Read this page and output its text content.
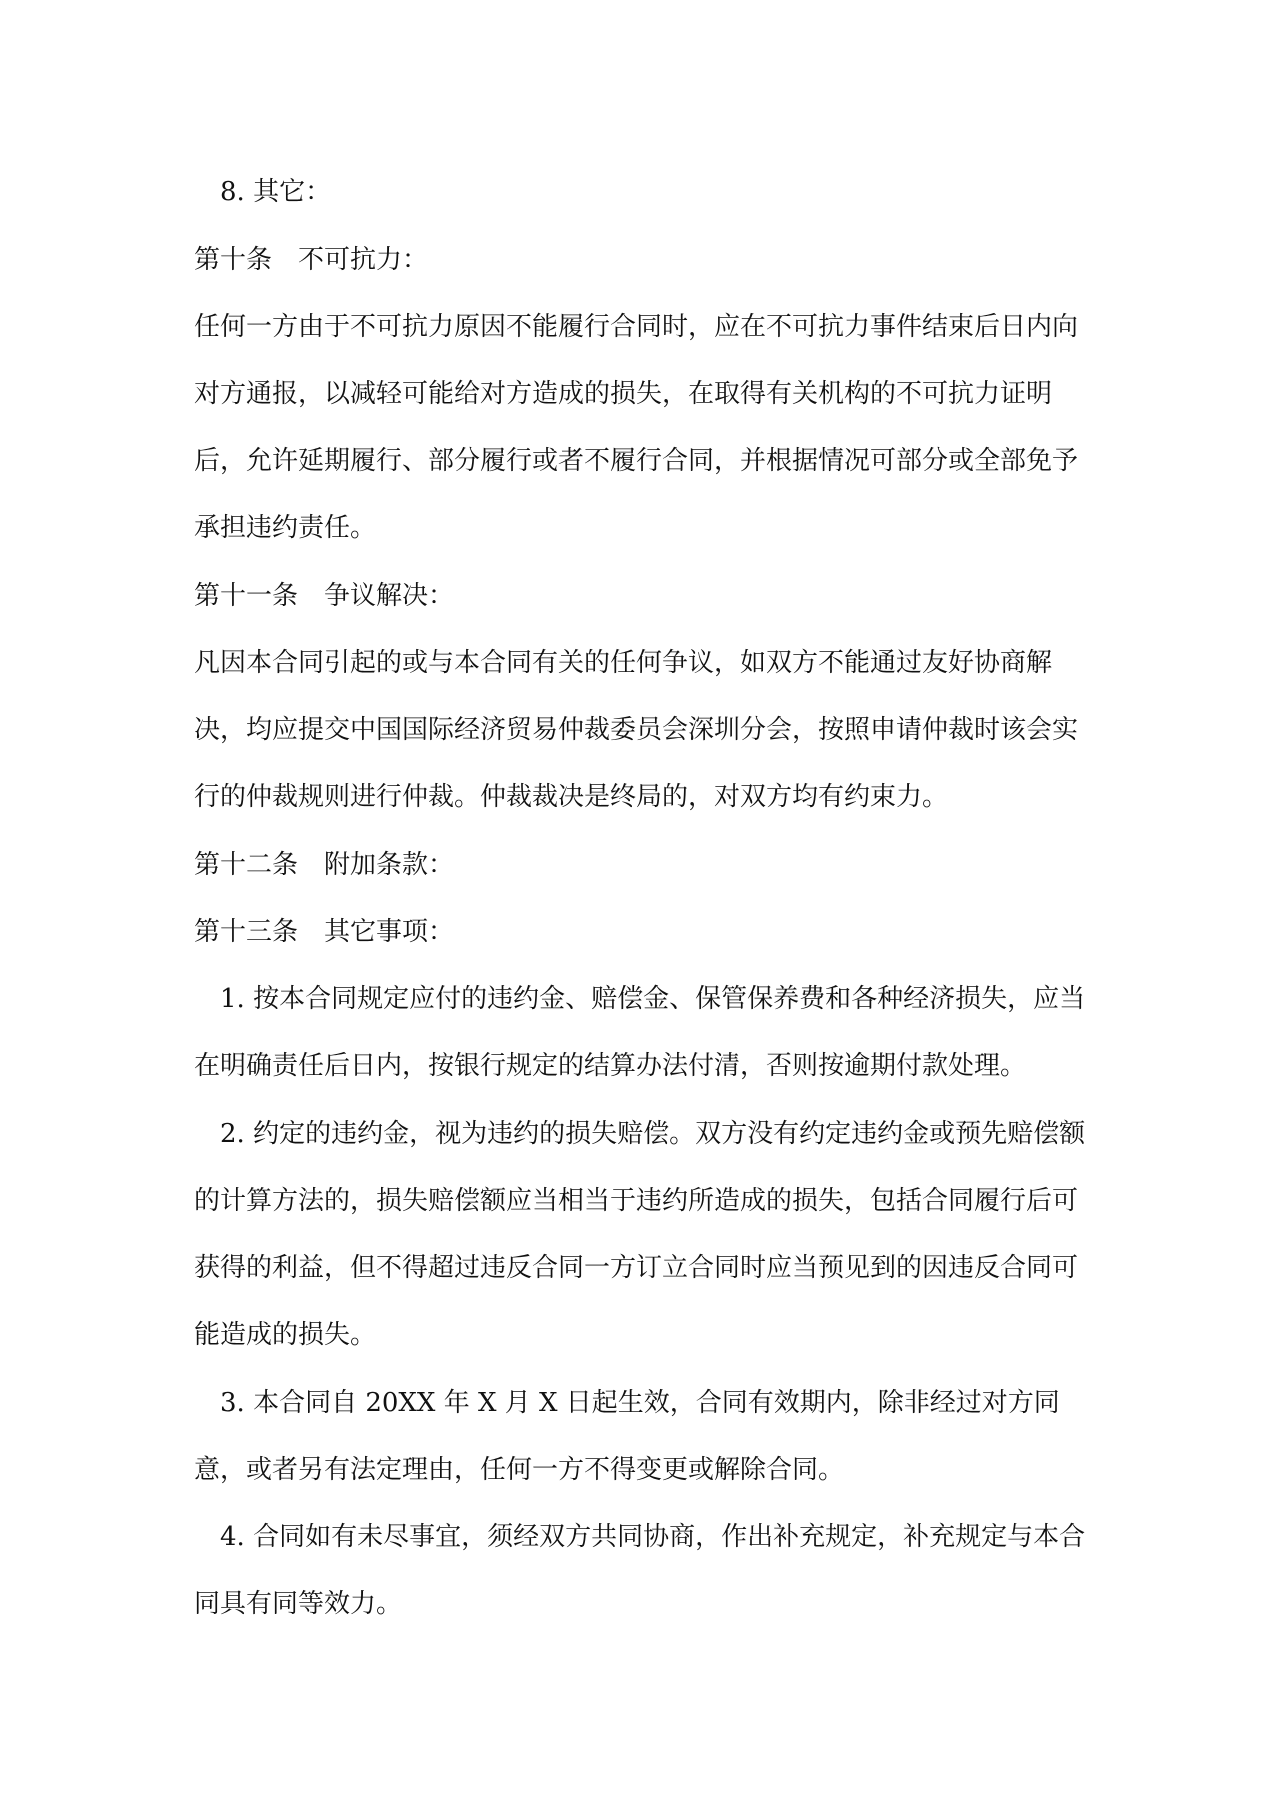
8. 其它：
第十条　不可抗力：
任何一方由于不可抗力原因不能履行合同时，应在不可抗力事件结束后日内向
对方通报，以减轻可能给对方造成的损失，在取得有关机构的不可抗力证明
后，允许延期履行、部分履行或者不履行合同，并根据情况可部分或全部免予
承担违约责任。
第十一条　争议解决：
凡因本合同引起的或与本合同有关的任何争议，如双方不能通过友好协商解
决，均应提交中国国际经济贸易仲裁委员会深圳分会，按照申请仲裁时该会实
行的仲裁规则进行仲裁。仲裁裁决是终局的，对双方均有约束力。
第十二条　附加条款：
第十三条　其它事项：
1. 按本合同规定应付的违约金、赔偿金、保管保养费和各种经济损失，应当
在明确责任后日内，按银行规定的结算办法付清，否则按逾期付款处理。
2. 约定的违约金，视为违约的损失赔偿。双方没有约定违约金或预先赔偿额
的计算方法的，损失赔偿额应当相当于违约所造成的损失，包括合同履行后可
获得的利益，但不得超过违反合同一方订立合同时应当预见到的因违反合同可
能造成的损失。
3. 本合同自 20XX 年 X 月 X 日起生效，合同有效期内，除非经过对方同
意，或者另有法定理由，任何一方不得变更或解除合同。
4. 合同如有未尽事宜，须经双方共同协商，作出补充规定，补充规定与本合
同具有同等效力。
